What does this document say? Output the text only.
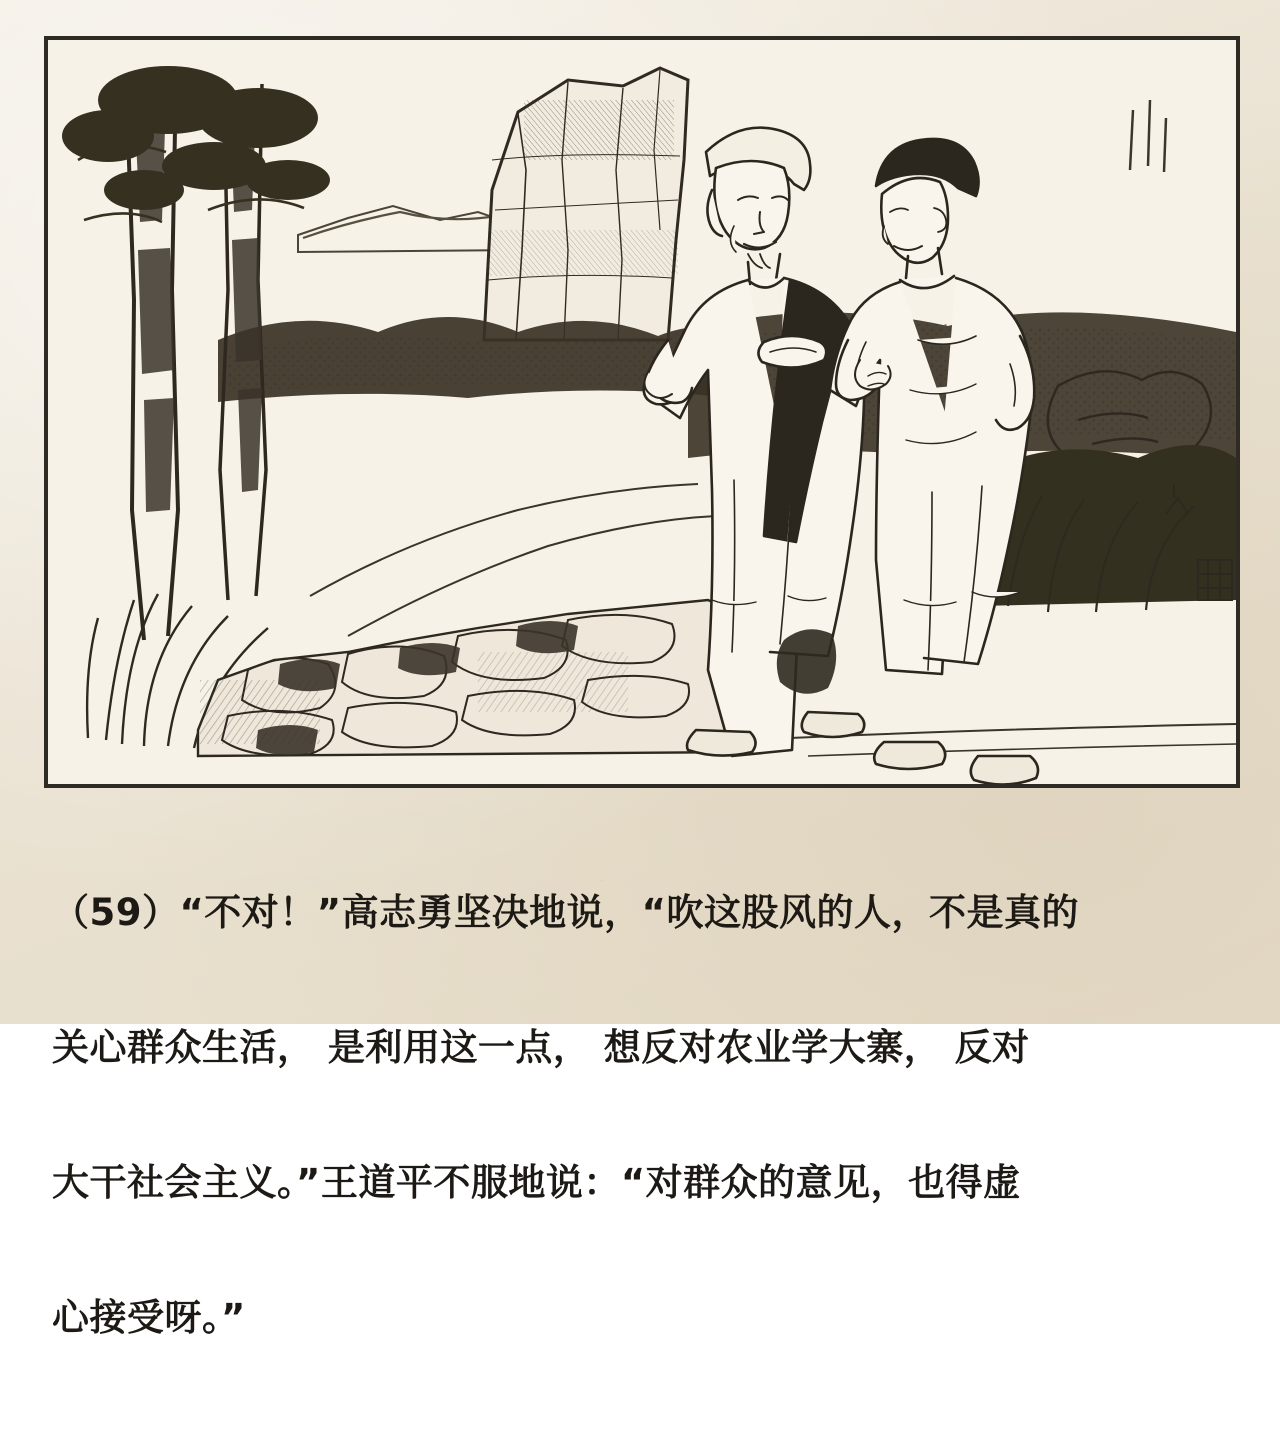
（59）“不对！”高志勇坚决地说，“吹这股风的人，不是真的

关心群众生活， 是利用这一点， 想反对农业学大寨， 反对

大干社会主义。”王道平不服地说：“对群众的意见，也得虚

心接受呀。”
